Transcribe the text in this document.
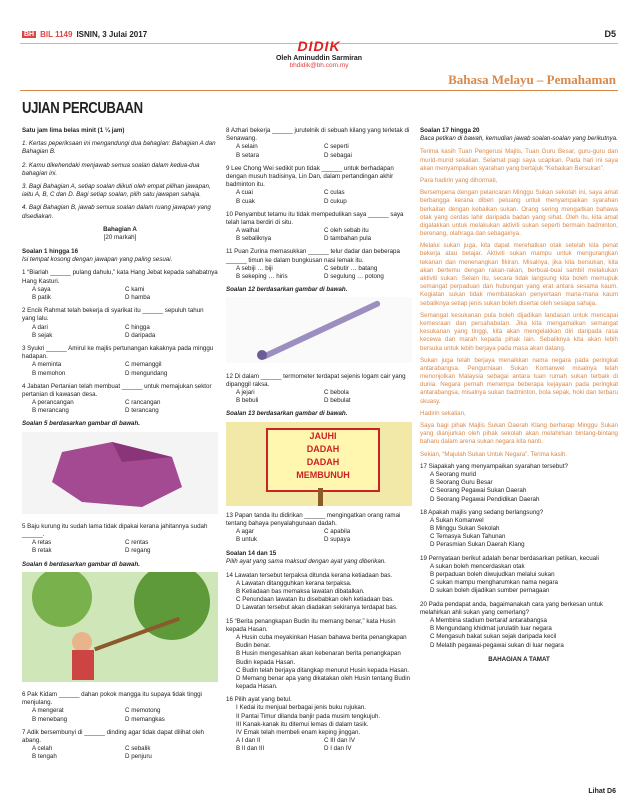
BH BIL 1149 ISNIN, 3 Julai 2017	D5
DIDIK
Oleh Aminuddin Sarmiran
bhdidik@bh.com.my
Bahasa Melayu – Pemahaman
UJIAN PERCUBAAN
Satu jam lima belas minit (1 ¼ jam)
1. Kertas peperiksaan ini mengandungi dua bahagian: Bahagian A dan Bahagian B.
2. Kamu dikehendaki menjawab semua soalan dalam kedua-dua bahagian ini.
3. Bagi Bahagian A, setiap soalan diikuti oleh empat pilihan jawapan, iaitu A, B, C dan D. Bagi setiap soalan, pilih satu jawapan sahaja.
4. Bagi Bahagian B, jawab semua soalan dalam ruang jawapan yang disediakan.
Bahagian A
[20 markah]
Soalan 1 hingga 16
Isi tempat kosong dengan jawapan yang paling sesuai.
1 “Biarlah ______ pulang dahulu,” kata Hang Jebat kepada sahabatnya Hang Kasturi.
A saya	C kami
B patik	D hamba
2 Encik Rahmat telah bekerja di syarikat itu ______ sepuluh tahun yang lalu.
A dari	C hingga
B sejak	D daripada
3 Syukri ______ Amirul ke majlis pertunangan kakaknya pada minggu hadapan.
A meminta	C memanggil
B memohon	D mengundang
4 Jabatan Pertanian telah membuat ______ untuk memajukan sektor pertanian di kawasan desa.
A perancangan	C rancangan
B merancang	D terancang
Soalan 5 berdasarkan gambar di bawah.
5 Baju kurung itu sudah lama tidak dipakai kerana jahitannya sudah ______.
A retas	C rentas
B retak	D regang
Soalan 6 berdasarkan gambar di bawah.
6 Pak Kidam ______ dahan pokok mangga itu supaya tidak tinggi menjulang.
A mengerat	C memotong
B menebang	D memangkas
7 Adik bersembunyi di ______ dinding agar tidak dapat dilihat oleh abang.
A celah	C sebalik
B tengah	D penjuru
8 Azhari bekerja ______ jurutelnik di sebuah kilang yang terletak di Senawang.
A selain	C seperti
B setara	D sebagai
9 Lee Chong Wei sedikit pun tidak ______ untuk berhadapan dengan musuh tradisinya, Lin Dan, dalam pertandingan akhir badminton itu.
A cuai	C culas
B cuak	D cukup
10 Penyambut tetamu itu tidak mempedulikan saya ______ saya telah lama berdiri di situ.
A walhal	C oleh sebab itu
B sebaliknya	D tambahan pula
11 Puan Zurina memasukkan ______ telur dadar dan beberapa ______ timun ke dalam bungkusan nasi lemak itu.
A sebiji … biji	C sebutir … batang
B sekeping … hiris	D segulung … potong
Soalan 12 berdasarkan gambar di bawah.
12 Di dalam ______ termometer terdapat sejenis logam cair yang dipanggil raksa.
A jejari	C bebola
B bebuli	D bebulat
Soalan 13 berdasarkan gambar di bawah.
JAUHI
DADAH
DADAH
MEMBUNUH
13 Papan tanda itu didirikan ______ mengingatkan orang ramai tentang bahaya penyalahgunaan dadah.
A agar	C apabila
B untuk	D supaya
Soalan 14 dan 15
Pilih ayat yang sama maksud dengan ayat yang diberikan.
14 Lawatan tersebut terpaksa ditunda kerana ketiadaan bas.
A Lawatan ditangguhkan kerana terpaksa.
B Ketiadaan bas memaksa lawatan dibatalkan.
C Penundaan lawatan itu disebabkan oleh ketiadaan bas.
D Lawatan tersebut akan diadakan sekiranya terdapat bas.
15 “Berita penangkapan Budin itu memang benar,” kata Husin kepada Hasan.
A Husin cuba meyakinkan Hasan bahawa berita penangkapan Budin benar.
B Husin mengesahkan akan kebenaran berita penangkapan Budin kepada Hasan.
C Budin telah berjaya ditangkap menurut Husin kepada Hasan.
D Memang benar apa yang dikatakan oleh Husin tentang Budin kepada Hasan.
16 Pilih ayat yang betul.
I Kedai itu menjual berbagai jenis buku rujukan.
II Pantai Timur dilanda banjir pada musim tengkujuh.
III Kanak-kanak itu ditemui lemas di dalam tasik.
IV Emak telah membeli enam keping jinggan.
A I dan II	C III dan IV
B II dan III	D I dan IV
Soalan 17 hingga 20
Baca petikan di bawah, kemudian jawab soalan-soalan yang berikutnya.

Terima kasih Tuan Pengerusi Majlis, Tuan Guru Besar, guru-guru dan murid-murid sekalian. Selamat pagi saya ucapkan. Pada hari ini saya akan menyampaikan syarahan yang bertajuk “Kebaikan Bersukan”.

Para hadirin yang dihormati,

Bersempena dengan pelancaran Minggu Sukan sekolah ini, saya amat berbangga kerana diberi peluang untuk menyampaikan syarahan berkaitan dengan kebaikan sukan. Orang sering mengaitkan bahawa otak yang cerdas lahir daripada badan yang sihat. Oleh itu, kita amat digalakkan untuk melakukan aktiviti sukan seperti bermain badminton, berenang, olahraga dan sebagainya.

Melalui sukan juga, kita dapat merehatkan otak setelah kita penat bekerja atau belajar. Aktiviti sukan mampu untuk mengurangkan tekanan dan menenangkan fikiran. Misalnya, jika kita bersukan, kita akan bertemu dengan rakan-rakan, berbual-bual sambil melakukan aktiviti sukan. Selain itu, secara tidak langsung kita boleh memupuk semangat perpaduan dan hubungan yang erat antara sesama kaum. Kegiatan sukan tidak membataskan penyertaan mana-mana kaum sebaliknya setiap jenis sukan boleh disertai oleh sesiapa sahaja.

Semangat kesukanan pula boleh dijadikan landasan untuk mencapai kemesraan dan persahabatan. Jika kita mengamalkan semangat kesukanan yang tinggi, kita akan mengelakkan diri daripada rasa kecewa dan marah kepada pihak lain. Sebaliknya kita akan lebih bersuka untuk lebih berjaya pada masa akan datang.

Sukan juga telah berjaya menaikkan nama negara pada peringkat antarabangsa. Pengurniaan Sukan Komanwel misalnya telah menonjolkan Malaysia sebagai antara tuan rumah sukan terbaik di dunia. Negara pernah menempa beberapa kejayaan pada peringkat antarabangsa, misalnya sukan badminton, bola sepak, hoki dan terbaru skuasy.

Hadirin sekalian,

Saya bagi pihak Majlis Sukan Daerah Klang berharap Minggu Sukan yang dianjurkan oleh pihak sekolah akan melahirkan bintang-bintang baharu dalam arena sukan negara kita nanti.

Sekian, “Majulah Sukan Untuk Negara”. Terima kasih.

17 Siapakah yang menyampaikan syarahan tersebut?
A Seorang murid
B Seorang Guru Besar
C Seorang Pegawai Sukan Daerah
D Seorang Pegawai Pendidikan Daerah
18 Apakah majlis yang sedang berlangsung?
A Sukan Komanwel
B Minggu Sukan Sekolah
C Temasya Sukan Tahunan
D Perasmian Sukan Daerah Klang
19 Pernyataan berikut adalah benar berdasarkan petikan, kecuali
A sukan boleh mencerdaskan otak
B perpaduan boleh diwujudkan melalui sukan
C sukan mampu mengharumkan nama negara
D sukan boleh dijadikan sumber pernagaan
20 Pada pendapat anda, bagaimanakah cara yang berkesan untuk melahirkan ahli sukan yang cemerlang?
A Membina stadium bertaraf antarabangsa
B Mengundang khidmat jurulatih luar negara
C Mengasuh bakat sukan sejak daripada kecil
D Melatih pegawai-pegawai sukan di luar negara
BAHAGIAN A TAMAT
Lihat D6
